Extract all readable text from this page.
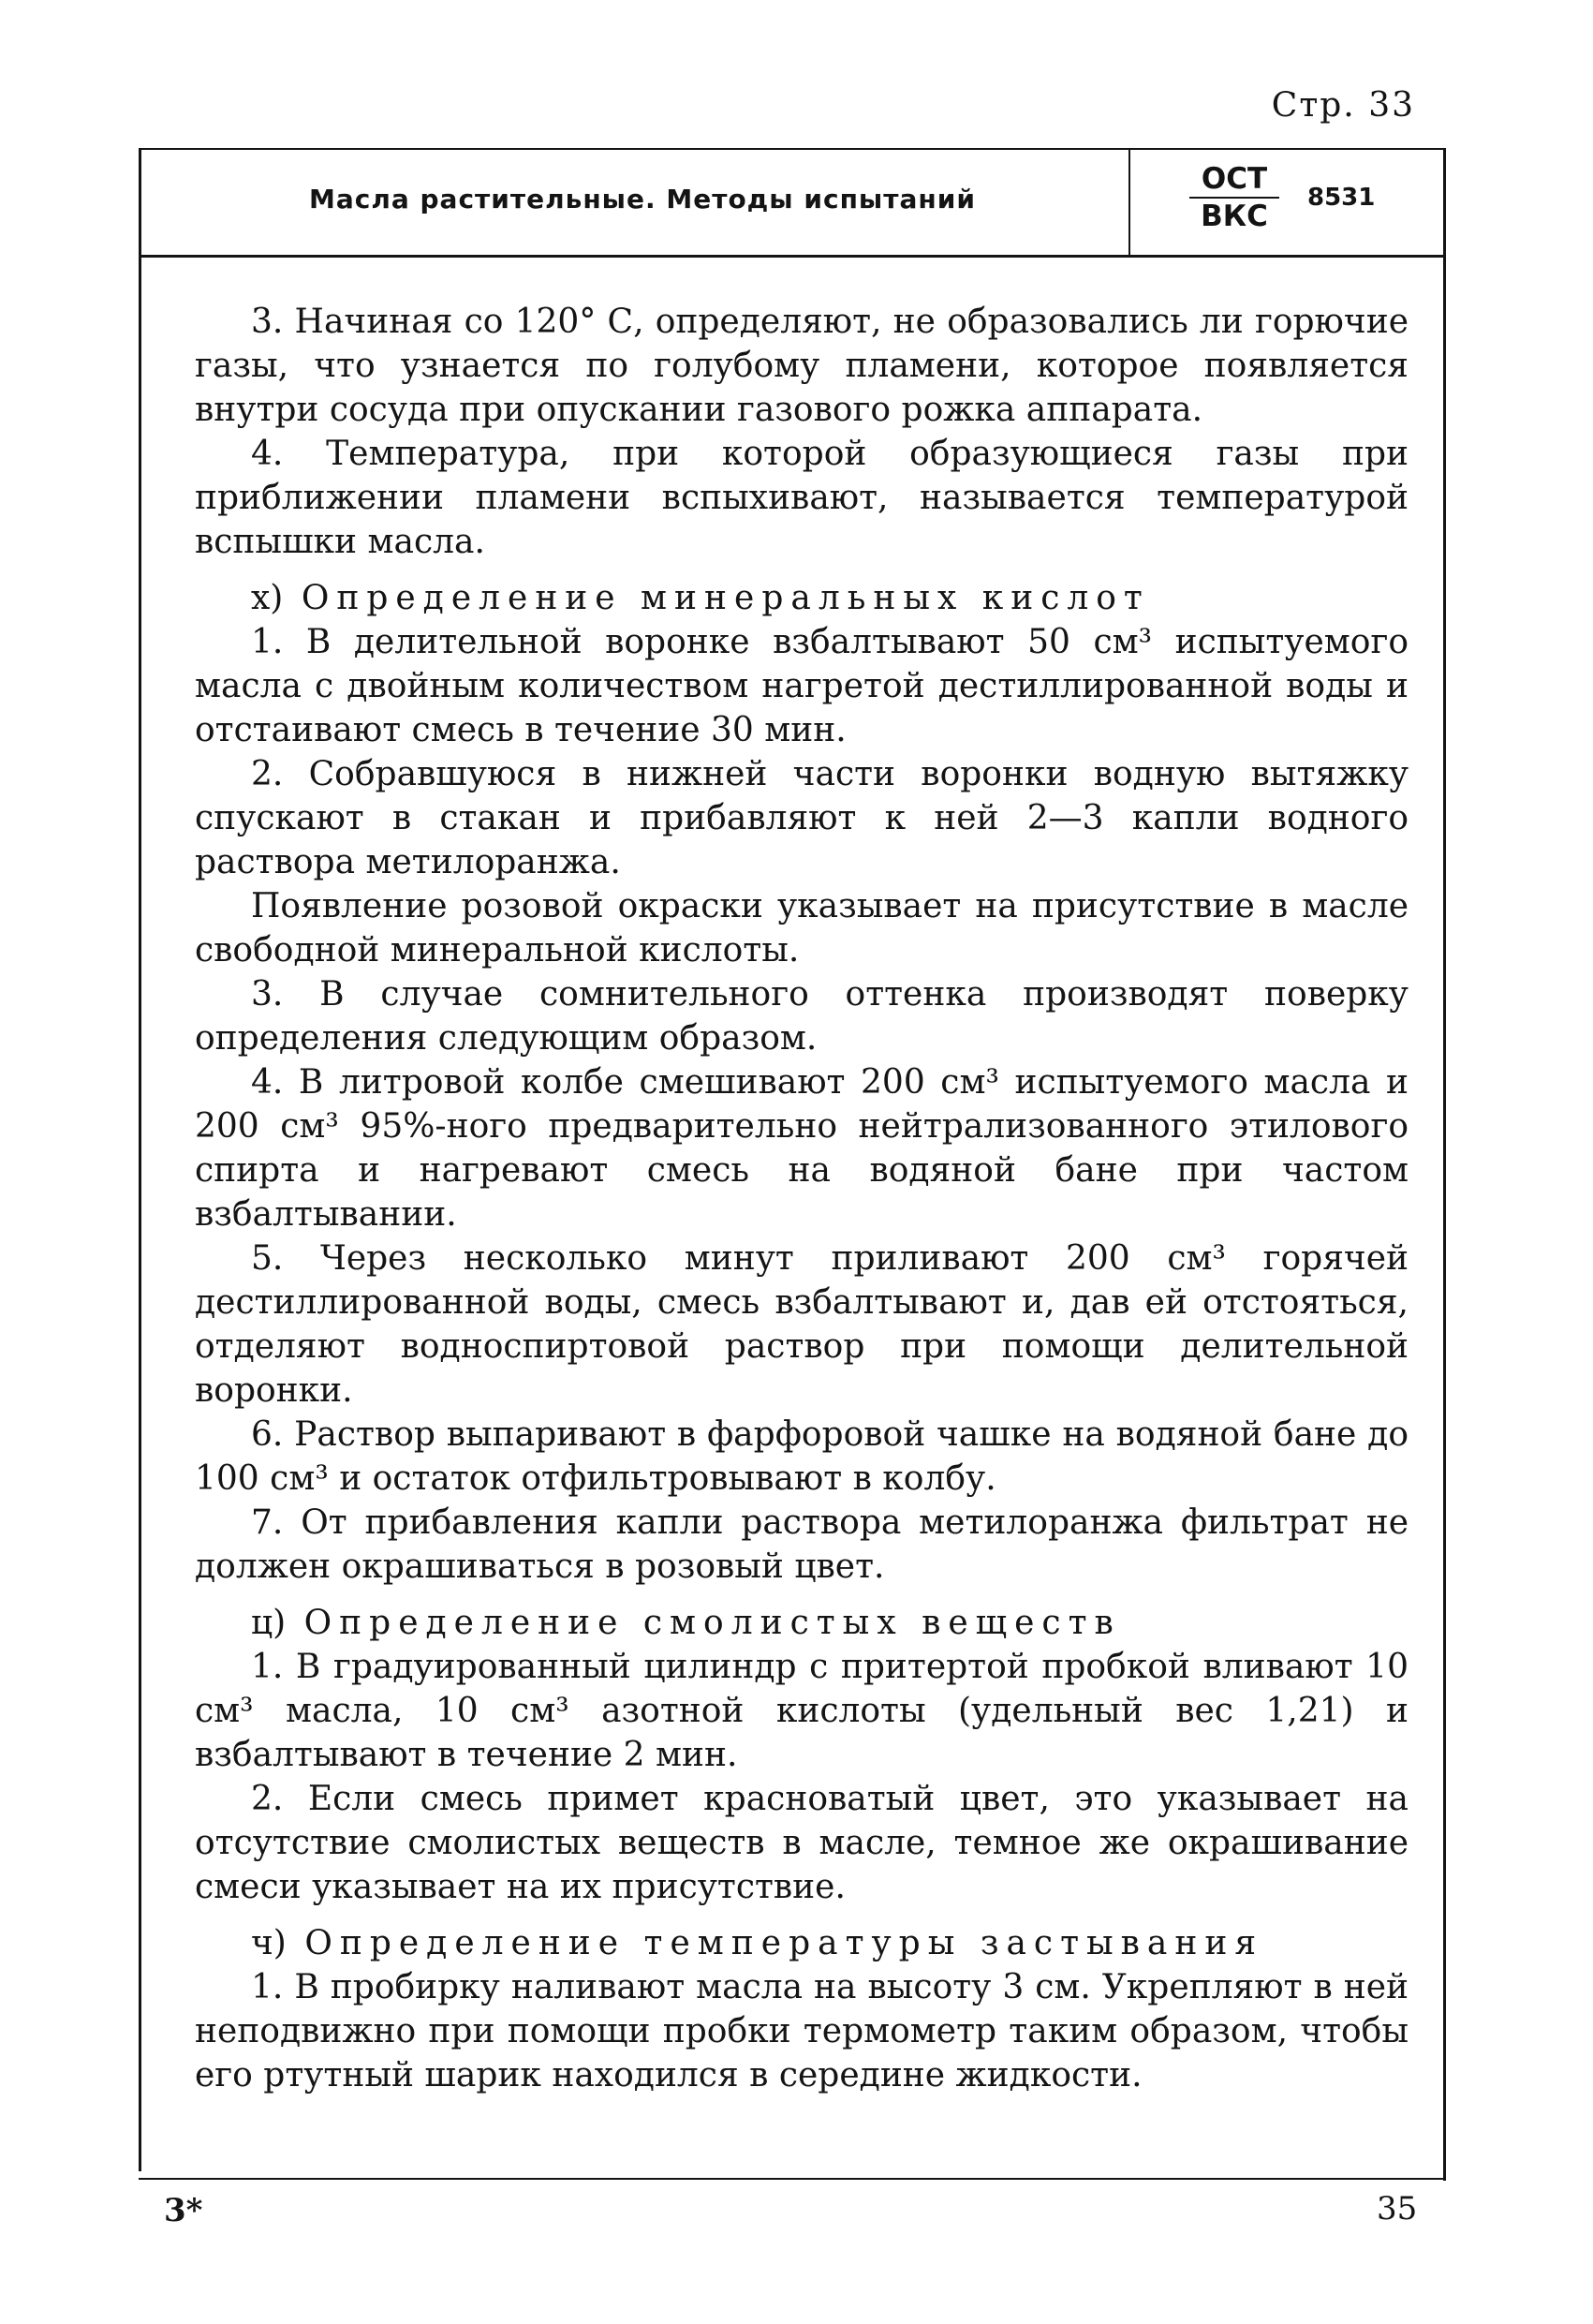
Стр. 33
Масла растительные. Методы испытаний
ОСТ
ВКС
8531

3. Начиная со 120° С, определяют, не образовались ли горючие газы, что узнается по голубому пламени, которое появляется внутри сосуда при опускании газового рожка аппарата.

4. Температура, при которой образующиеся газы при приближении пламени вспыхивают, называется температурой вспышки масла.

х) Определение минеральных кислот

1. В делительной воронке взбалтывают 50 см³ испытуемого масла с двойным количеством нагретой дестиллированной воды и отстаивают смесь в течение 30 мин.

2. Собравшуюся в нижней части воронки водную вытяжку спускают в стакан и прибавляют к ней 2—3 капли водного раствора метилоранжа.

Появление розовой окраски указывает на присутствие в масле свободной минеральной кислоты.

3. В случае сомнительного оттенка производят поверку определения следующим образом.

4. В литровой колбе смешивают 200 см³ испытуемого масла и 200 см³ 95%-ного предварительно нейтрализованного этилового спирта и нагревают смесь на водяной бане при частом взбалтывании.

5. Через несколько минут приливают 200 см³ горячей дестиллированной воды, смесь взбалтывают и, дав ей отстояться, отделяют водноспиртовой раствор при помощи делительной воронки.

6. Раствор выпаривают в фарфоровой чашке на водяной бане до 100 см³ и остаток отфильтровывают в колбу.

7. От прибавления капли раствора метилоранжа фильтрат не должен окрашиваться в розовый цвет.

ц) Определение смолистых веществ

1. В градуированный цилиндр с притертой пробкой вливают 10 см³ масла, 10 см³ азотной кислоты (удельный вес 1,21) и взбалтывают в течение 2 мин.

2. Если смесь примет красноватый цвет, это указывает на отсутствие смолистых веществ в масле, темное же окрашивание смеси указывает на их присутствие.

ч) Определение температуры застывания

1. В пробирку наливают масла на высоту 3 см. Укрепляют в ней неподвижно при помощи пробки термометр таким образом, чтобы его ртутный шарик находился в середине жидкости.

3*	35
